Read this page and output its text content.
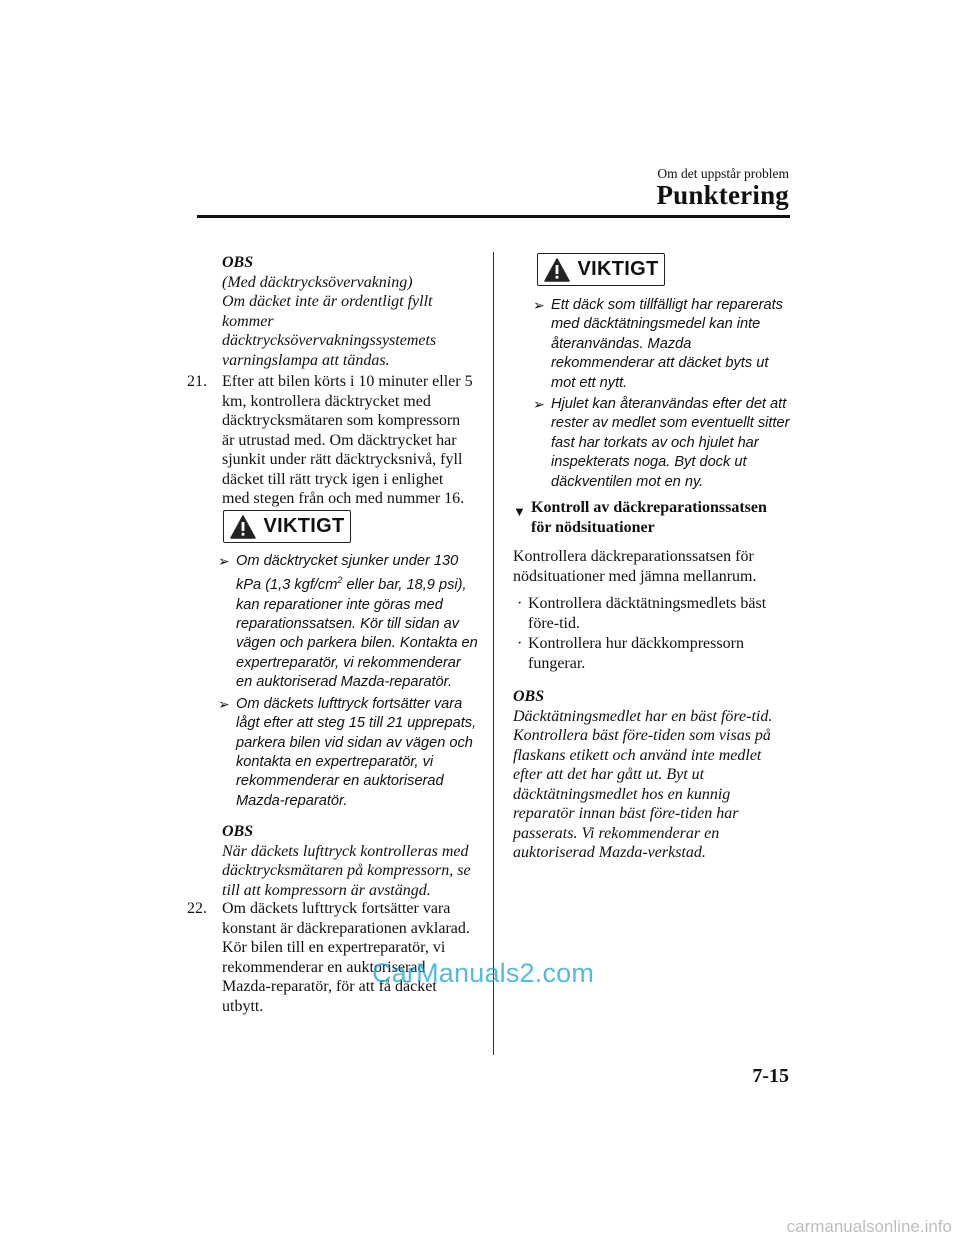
Om det uppstår problem
Punktering
OBS
(Med däcktrycksövervakning)
Om däcket inte är ordentligt fyllt
kommer
däcktrycksövervakningssystemets
varningslampa att tändas.
21. Efter att bilen körts i 10 minuter eller 5
km, kontrollera däcktrycket med
däcktrycksmätaren som kompressorn
är utrustad med. Om däcktrycket har
sjunkit under rätt däcktrycksnivå, fyll
däcket till rätt tryck igen i enlighet
med stegen från och med nummer 16.
VIKTIGT
➢ Om däcktrycket sjunker under 130
kPa (1,3 kgf/$cm^2$ eller bar, 18,9 psi),
kan reparationer inte göras med
reparationssatsen. Kör till sidan av
vägen och parkera bilen. Kontakta en
expertreparatör, vi rekommenderar
en auktoriserad Mazda-reparatör.
➢ Om däckets lufttryck fortsätter vara
lågt efter att steg 15 till 21 upprepats,
parkera bilen vid sidan av vägen och
kontakta en expertreparatör, vi
rekommenderar en auktoriserad
Mazda-reparatör.
OBS
När däckets lufttryck kontrolleras med
däcktrycksmätaren på kompressorn, se
till att kompressorn är avstängd.
22. Om däckets lufttryck fortsätter vara
konstant är däckreparationen avklarad.
Kör bilen till en expertreparatör, vi
rekommenderar en auktoriserad
Mazda-reparatör, för att få däcket
utbytt.
VIKTIGT
➢ Ett däck som tillfälligt har reparerats
med däcktätningsmedel kan inte
återanvändas. Mazda
rekommenderar att däcket byts ut
mot ett nytt.
➢ Hjulet kan återanvändas efter det att
rester av medlet som eventuellt sitter
fast har torkats av och hjulet har
inspekterats noga. Byt dock ut
däckventilen mot en ny.
▼ Kontroll av däckreparationssatsen
för nödsituationer
Kontrollera däckreparationssatsen för
nödsituationer med jämna mellanrum.
· Kontrollera däcktätningsmedlets bäst
före-tid.
· Kontrollera hur däckkompressorn
fungerar.
OBS
Däcktätningsmedlet har en bäst före-tid.
Kontrollera bäst före-tiden som visas på
flaskans etikett och använd inte medlet
efter att det har gått ut. Byt ut
däcktätningsmedlet hos en kunnig
reparatör innan bäst före-tiden har
passerats. Vi rekommenderar en
auktoriserad Mazda-verkstad.
7-15
CarManuals2.com
carmanualsonline.info
